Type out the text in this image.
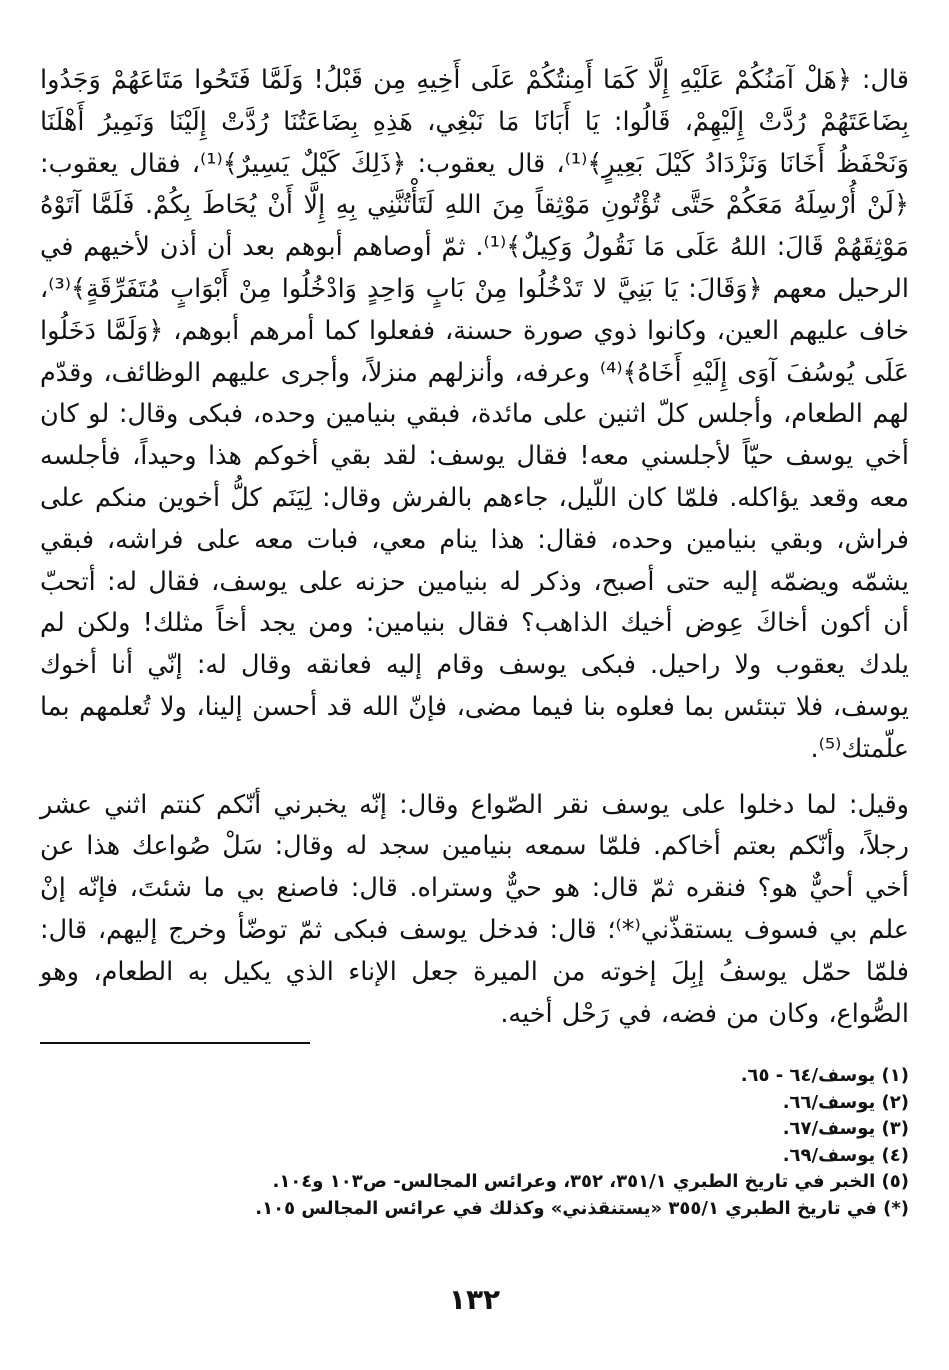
قال: ﴿هَلْ آمَنُكُمْ عَلَيْهِ إِلَّا كَمَا أَمِنتُكُمْ عَلَى أَخِيهِ مِن قَبْلُ! وَلَمَّا فَتَحُوا مَتَاعَهُمْ وَجَدُوا بِضَاعَتَهُمْ رُدَّتْ إِلَيْهِمْ، قَالُوا: يَا أَبَانَا مَا نَبْغِي، هَذِهِ بِضَاعَتُنَا رُدَّتْ إِلَيْنَا وَنَمِيرُ أَهْلَنَا وَنَحْفَظُ أَخَانَا وَنَزْدَادُ كَيْلَ بَعِيرٍ﴾⁽¹⁾، قال يعقوب: ﴿ذَلِكَ كَيْلٌ يَسِيرٌ﴾⁽¹⁾، فقال يعقوب: ﴿لَنْ أُرْسِلَهُ مَعَكُمْ حَتَّى تُؤْتُونِ مَوْثِقاً مِنَ اللهِ لَتَأْتُنَّنِي بِهِ إِلَّا أَنْ يُحَاطَ بِكُمْ. فَلَمَّا آتَوْهُ مَوْثِقَهُمْ قَالَ: اللهُ عَلَى مَا نَقُولُ وَكِيلٌ﴾⁽¹⁾. ثمّ أوصاهم أبوهم بعد أن أذن لأخيهم في الرحيل معهم ﴿وَقَالَ: يَا بَنِيَّ لا تَدْخُلُوا مِنْ بَابٍ وَاحِدٍ وَادْخُلُوا مِنْ أَبْوَابٍ مُتَفَرِّقَةٍ﴾⁽³⁾، خاف عليهم العين، وكانوا ذوي صورة حسنة، ففعلوا كما أمرهم أبوهم، ﴿وَلَمَّا دَخَلُوا عَلَى يُوسُفَ آوَى إِلَيْهِ أَخَاهُ﴾⁽⁴⁾ وعرفه، وأنزلهم منزلاً، وأجرى عليهم الوظائف، وقدّم لهم الطعام، وأجلس كلّ اثنين على مائدة، فبقي بنيامين وحده، فبكى وقال: لو كان أخي يوسف حيّاً لأجلسني معه! فقال يوسف: لقد بقي أخوكم هذا وحيداً، فأجلسه معه وقعد يؤاكله. فلمّا كان اللّيل، جاءهم بالفرش وقال: لِيَنَم كلُّ أخوين منكم على فراش، وبقي بنيامين وحده، فقال: هذا ينام معي، فبات معه على فراشه، فبقي يشمّه ويضمّه إليه حتى أصبح، وذكر له بنيامين حزنه على يوسف، فقال له: أتحبّ أن أكون أخاكَ عِوض أخيك الذاهب؟ فقال بنيامين: ومن يجد أخاً مثلك! ولكن لم يلدك يعقوب ولا راحيل. فبكى يوسف وقام إليه فعانقه وقال له: إنّي أنا أخوك يوسف، فلا تبتئس بما فعلوه بنا فيما مضى، فإنّ الله قد أحسن إلينا، ولا تُعلمهم بما علّمتك⁽⁵⁾.

وقيل: لما دخلوا على يوسف نقر الصّواع وقال: إنّه يخبرني أنّكم كنتم اثني عشر رجلاً، وأنّكم بعتم أخاكم. فلمّا سمعه بنيامين سجد له وقال: سَلْ صُواعك هذا عن أخي أحيٌّ هو؟ فنقره ثمّ قال: هو حيٌّ وستراه. قال: فاصنع بي ما شئتَ، فإنّه إنْ علم بي فسوف يستقذّني⁽*⁾؛ قال: فدخل يوسف فبكى ثمّ توضّأ وخرج إليهم، قال: فلمّا حمّل يوسفُ إبِلَ إخوته من الميرة جعل الإناء الذي يكيل به الطعام، وهو الصُّواع، وكان من فضه، في رَحْل أخيه.

(١) يوسف/٦٤ - ٦٥.
(٢) يوسف/٦٦.
(٣) يوسف/٦٧.
(٤) يوسف/٦٩.
(٥) الخبر في تاريخ الطبري ٣٥١/١، ٣٥٢، وعرائس المجالس- ص١٠٣ و١٠٤.
(*) في تاريخ الطبري ٣٥٥/١ «يستنقذني» وكذلك في عرائس المجالس ١٠٥.
١٣٢
